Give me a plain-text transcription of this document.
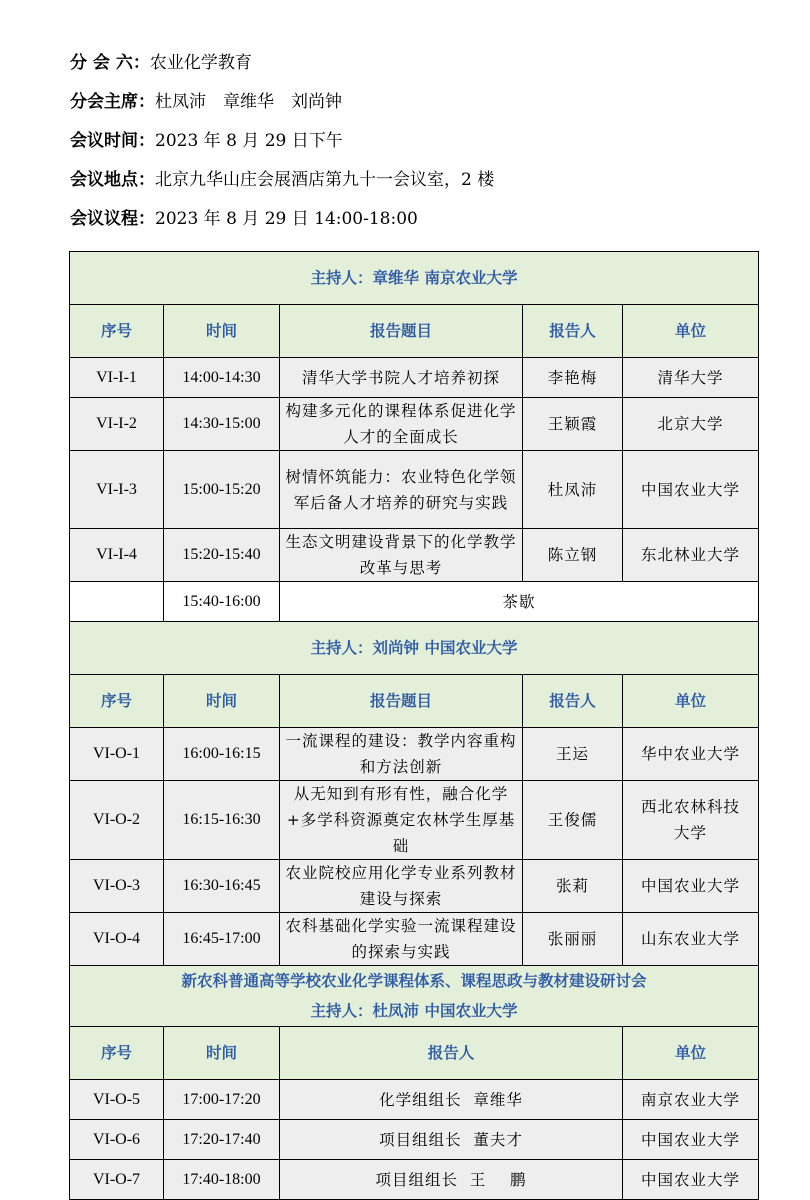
分 会 六：农业化学教育
分会主席：杜凤沛　章维华　刘尚钟
会议时间：2023 年 8 月 29 日下午
会议地点：北京九华山庄会展酒店第九十一会议室，2 楼
会议议程：2023 年 8 月 29 日 14:00-18:00
主持人：章维华 南京农业大学				
序号	时间	报告题目	报告人	单位
VI-I-1	14:00-14:30	清华大学书院人才培养初探	李艳梅	清华大学
VI-I-2	14:30-15:00	构建多元化的课程体系促进化学人才的全面成长	王颖霞	北京大学
VI-I-3	15:00-15:20	树情怀筑能力：农业特色化学领军后备人才培养的研究与实践	杜凤沛	中国农业大学
VI-I-4	15:20-15:40	生态文明建设背景下的化学教学改革与思考	陈立钢	东北林业大学
	15:40-16:00	茶歇		
主持人：刘尚钟 中国农业大学				
序号	时间	报告题目	报告人	单位
VI-O-1	16:00-16:15	一流课程的建设：教学内容重构和方法创新	王运	华中农业大学
VI-O-2	16:15-16:30	从无知到有形有性，融合化学+多学科资源奠定农林学生厚基础	王俊儒	西北农林科技大学
VI-O-3	16:30-16:45	农业院校应用化学专业系列教材建设与探索	张莉	中国农业大学
VI-O-4	16:45-17:00	农科基础化学实验一流课程建设的探索与实践	张丽丽	山东农业大学

新农科普通高等学校农业化学课程体系、课程思政与教材建设研讨会
主持人：杜凤沛 中国农业大学				

序号	时间	报告人		单位
VI-O-5	17:00-17:20	化学组组长  章维华		南京农业大学
VI-O-6	17:20-17:40	项目组组长  董夫才		中国农业大学
VI-O-7	17:40-18:00	项目组组长  王    鹏		中国农业大学
